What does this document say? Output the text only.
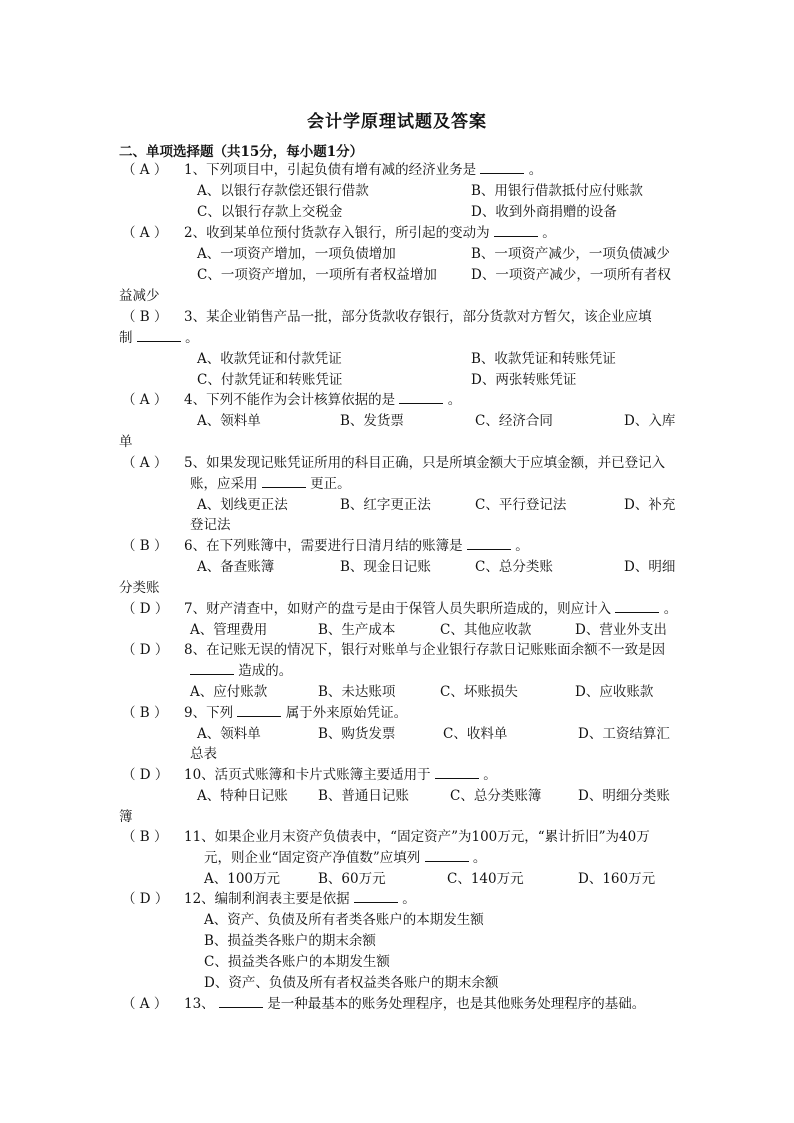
会计学原理试题及答案
二、单项选择题（共15分，每小题1分）
（ A ） 1、下列项目中，引起负债有增有减的经济业务是	。
A、以银行存款偿还银行借款	B、用银行借款抵付应付账款
C、以银行存款上交税金	D、收到外商捐赠的设备
（ A ） 2、收到某单位预付货款存入银行，所引起的变动为	。
A、一项资产增加，一项负债增加	B、一项资产减少，一项负债减少
C、一项资产增加，一项所有者权益增加	D、一项资产减少，一项所有者权
益减少
（ B ） 3、某企业销售产品一批，部分货款收存银行，部分货款对方暂欠，该企业应填
制	。
A、收款凭证和付款凭证	B、收款凭证和转账凭证
C、付款凭证和转账凭证	D、两张转账凭证
（ A ） 4、下列不能作为会计核算依据的是	。
A、领料单	B、发货票	C、经济合同	D、入库
单
（ A ） 5、如果发现记账凭证所用的科目正确，只是所填金额大于应填金额，并已登记入
账，应采用	更正。
A、划线更正法	B、红字更正法	C、平行登记法	D、补充
登记法
（ B ） 6、在下列账簿中，需要进行日清月结的账簿是	。
A、备查账簿	B、现金日记账	C、总分类账	D、明细
分类账
（ D ） 7、财产清查中，如财产的盘亏是由于保管人员失职所造成的，则应计入	。
A、管理费用	B、生产成本	C、其他应收款	D、营业外支出
（ D ） 8、在记账无误的情况下，银行对账单与企业银行存款日记账账面余额不一致是因
造成的。
A、应付账款	B、未达账项	C、坏账损失	D、应收账款
（ B ） 9、下列	属于外来原始凭证。
A、领料单	B、购货发票	C、收料单	D、工资结算汇
总表
（ D ） 10、活页式账簿和卡片式账簿主要适用于	。
A、特种日记账 B、普通日记账	C、总分类账簿	D、明细分类账
簿
（ B ） 11、如果企业月末资产负债表中，“固定资产”为100万元，“累计折旧”为40万
元，则企业“固定资产净值数”应填列	。
A、100万元	B、60万元	C、140万元	D、160万元
（ D ） 12、编制利润表主要是依据	。
A、资产、负债及所有者类各账户的本期发生额
B、损益类各账户的期末余额
C、损益类各账户的本期发生额
D、资产、负债及所有者权益类各账户的期末余额
（ A ） 13、	是一种最基本的账务处理程序，也是其他账务处理程序的基础。
